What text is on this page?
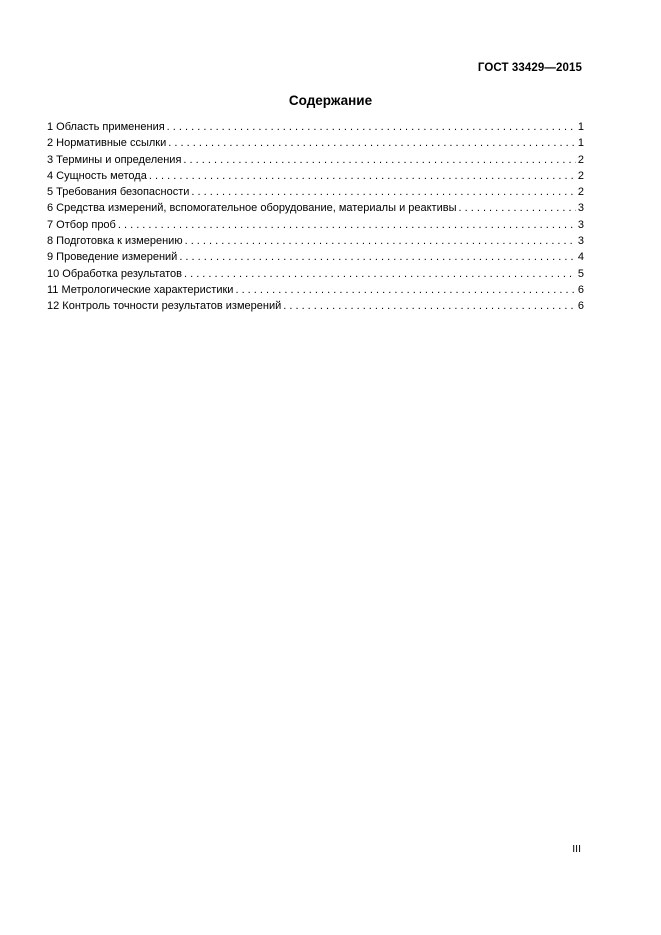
ГОСТ 33429—2015
Содержание
1 Область применения . . .	1
2 Нормативные ссылки . . .	1
3 Термины и определения . . .	2
4 Сущность метода . . .	2
5 Требования безопасности . . .	2
6 Средства измерений, вспомогательное оборудование, материалы и реактивы . . .	3
7 Отбор проб . . .	3
8 Подготовка к измерению . . .	3
9 Проведение измерений . . .	4
10 Обработка результатов . . .	5
11 Метрологические характеристики . . .	6
12 Контроль точности результатов измерений . . .	6
III
